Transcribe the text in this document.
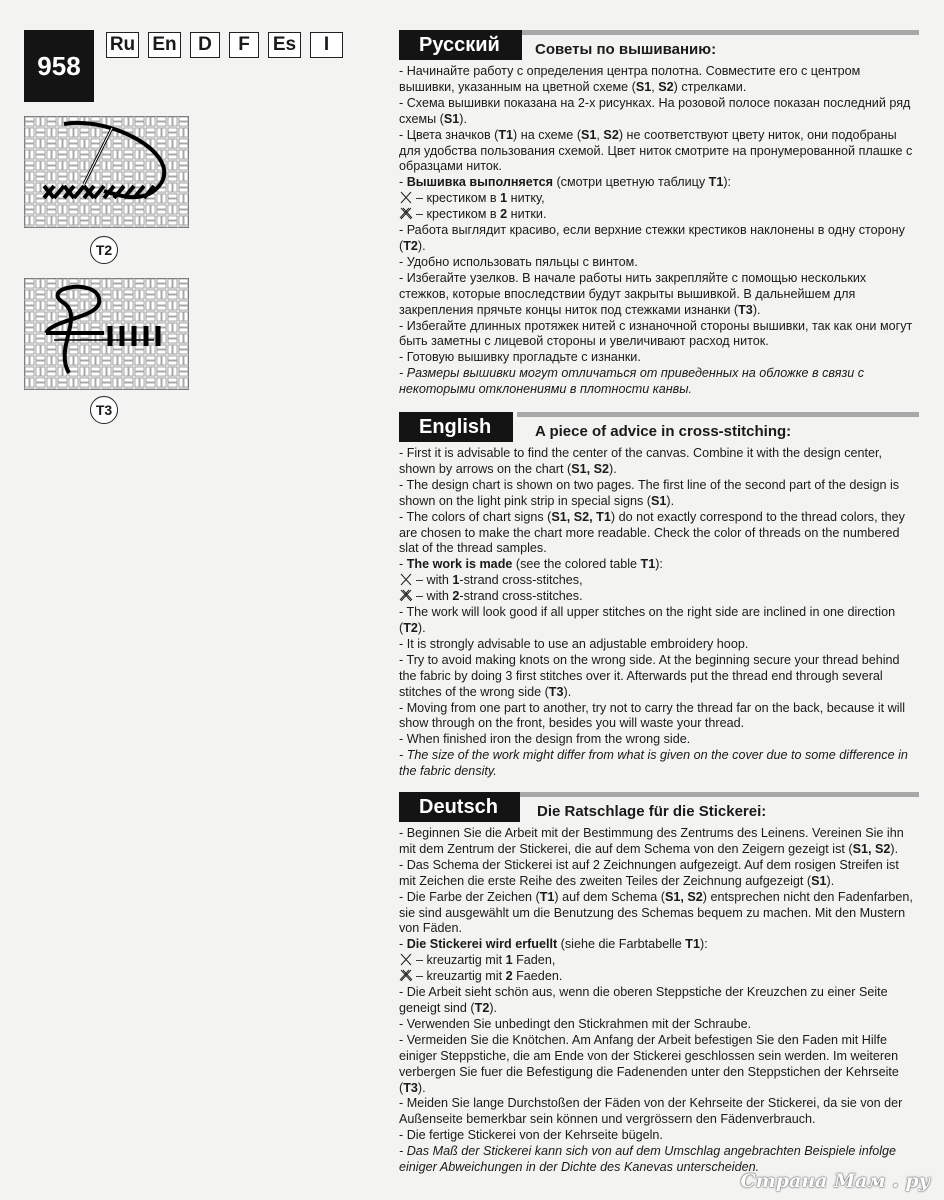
958
Ru En	D	F	Es	I
T2
T3
Русский	Советы по вышиванию:

- Начинайте работу с определения центра полотна. Совместите его с центром вышивки, указанным на цветной схеме (S1, S2) стрелками.

- Схема вышивки показана на 2-х рисунках. На розовой полосе показан последний ряд схемы (S1).

- Цвета значков (T1) на схеме (S1, S2) не соответствуют цвету ниток, они подобраны для удобства пользования схемой. Цвет ниток смотрите на пронумерованной плашке с образцами ниток.

- Вышивка выполняется (смотри цветную таблицу T1):

– крестиком в 1 нитку,

– крестиком в 2 нитки.

- Работа выглядит красиво, если верхние стежки крестиков наклонены в одну сторону (T2).

- Удобно использовать пяльцы с винтом.

- Избегайте узелков. В начале работы нить закрепляйте с помощью нескольких стежков, которые впоследствии будут закрыты вышивкой. В дальнейшем для закрепления прячьте концы ниток под стежками изнанки (T3).

- Избегайте длинных протяжек нитей с изнаночной стороны вышивки, так как они могут быть заметны с лицевой стороны и увеличивают расход ниток.

- Готовую вышивку прогладьте с изнанки.

- Размеры вышивки могут отличаться от приведенных на обложке в связи с некоторыми отклонениями в плотности канвы.

English	A piece of advice in cross-stitching:

- First it is advisable to find the center of the canvas. Combine it with the design center, shown by arrows on the chart (S1, S2).

- The design chart is shown on two pages. The first line of the second part of the design is shown on the light pink strip in special signs (S1).

- The colors of chart signs (S1, S2, T1) do not exactly correspond to the thread colors, they are chosen to make the chart more readable. Check the color of threads on the numbered slat of the thread samples.

- The work is made (see the colored table T1):

– with 1-strand cross-stitches,

– with 2-strand cross-stitches.

- The work will look good if all upper stitches on the right side are inclined in one direction (T2).

- It is strongly advisable to use an adjustable embroidery hoop.

- Try to avoid making knots on the wrong side. At the beginning secure your thread behind the fabric by doing 3 first stitches over it. Afterwards put the thread end through several stitches of the wrong side (T3).

- Moving from one part to another, try not to carry the thread far on the back, because it will show through on the front, besides you will waste your thread.

- When finished iron the design from the wrong side.

- The size of the work might differ from what is given on the cover due to some difference in the fabric density.

Deutsch	Die Ratschlage für die Stickerei:

- Beginnen Sie die Arbeit mit der Bestimmung des Zentrums des Leinens. Vereinen Sie ihn mit dem Zentrum der Stickerei, die auf dem Schema von den Zeigern gezeigt ist (S1, S2).

- Das Schema der Stickerei ist auf 2 Zeichnungen aufgezeigt. Auf dem rosigen Streifen ist mit Zeichen die erste Reihe des zweiten Teiles der Zeichnung aufgezeigt (S1).

- Die Farbe der Zeichen (T1) auf dem Schema (S1, S2) entsprechen nicht den Fadenfarben, sie sind ausgewählt um die Benutzung des Schemas bequem zu machen. Mit den Mustern von Fäden.

- Die Stickerei wird erfuellt (siehe die Farbtabelle T1):

– kreuzartig mit 1 Faden,

– kreuzartig mit 2 Faeden.

- Die Arbeit sieht schön aus, wenn die oberen Steppstiche der Kreuzchen zu einer Seite geneigt sind (T2).

- Verwenden Sie unbedingt den Stickrahmen mit der Schraube.

- Vermeiden Sie die Knötchen. Am Anfang der Arbeit befestigen Sie den Faden mit Hilfe einiger Steppstiche, die am Ende von der Stickerei geschlossen sein werden. Im weiteren verbergen Sie fuer die Befestigung die Fadenenden unter den Steppstichen der Kehrseite (T3).

- Meiden Sie lange Durchstoßen der Fäden von der Kehrseite der Stickerei, da sie von der Außenseite bemerkbar sein können und vergrössern den Fädenverbrauch.

- Die fertige Stickerei von der Kehrseite bügeln.

- Das Maß der Stickerei kann sich von auf dem Umschlag angebrachten Beispiele infolge einiger Abweichungen in der Dichte des Kanevas unterscheiden.

Страна Мам . ру
